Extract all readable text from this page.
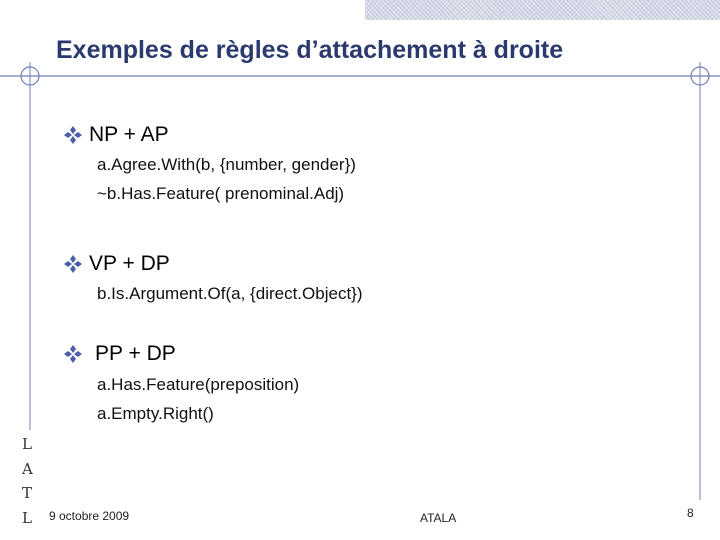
Exemples de règles d’attachement à droite
NP + AP
a.Agree.With(b, {number, gender})
~b.Has.Feature( prenominal.Adj)
VP + DP
b.Is.Argument.Of(a, {direct.Object})
PP + DP
a.Has.Feature(preposition)
a.Empty.Right()
L
A
T
L 9 octobre 2009	ATALA	8
